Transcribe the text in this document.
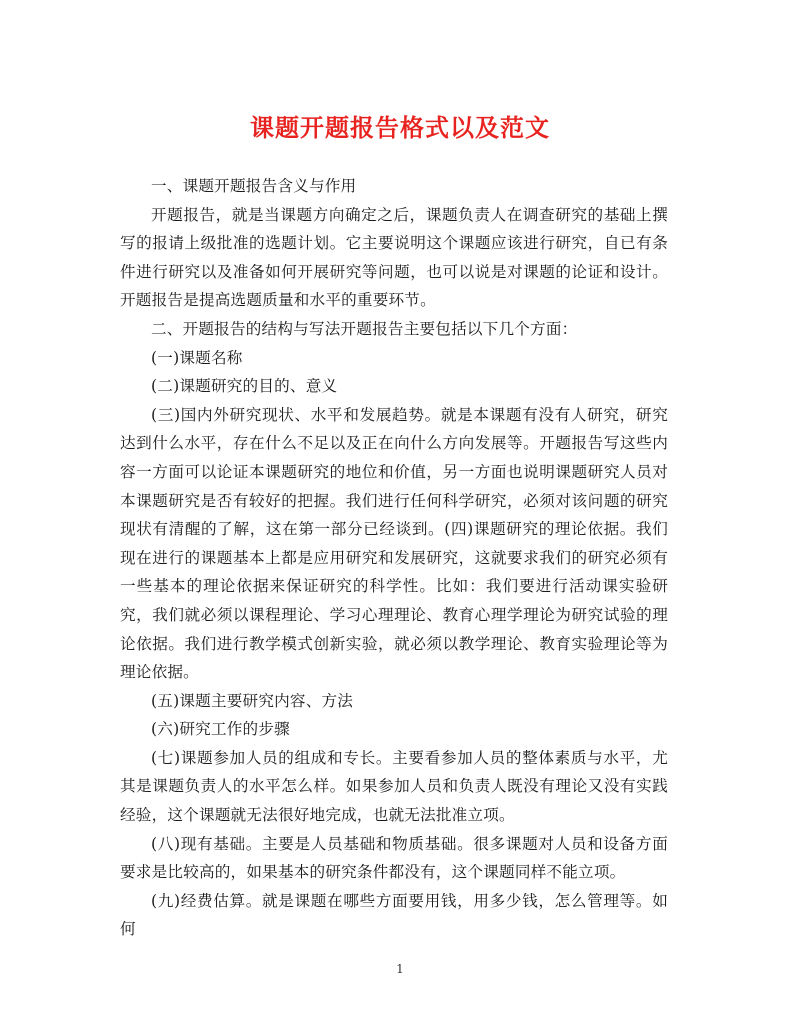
课题开题报告格式以及范文

一、课题开题报告含义与作用

开题报告，就是当课题方向确定之后，课题负责人在调查研究的基础上撰写的报请上级批准的选题计划。它主要说明这个课题应该进行研究，自已有条件进行研究以及准备如何开展研究等问题，也可以说是对课题的论证和设计。开题报告是提高选题质量和水平的重要环节。

二、开题报告的结构与写法开题报告主要包括以下几个方面：

(一)课题名称

(二)课题研究的目的、意义

(三)国内外研究现状、水平和发展趋势。就是本课题有没有人研究，研究达到什么水平，存在什么不足以及正在向什么方向发展等。开题报告写这些内容一方面可以论证本课题研究的地位和价值，另一方面也说明课题研究人员对本课题研究是否有较好的把握。我们进行任何科学研究，必须对该问题的研究现状有清醒的了解，这在第一部分已经谈到。(四)课题研究的理论依据。我们现在进行的课题基本上都是应用研究和发展研究，这就要求我们的研究必须有一些基本的理论依据来保证研究的科学性。比如：我们要进行活动课实验研究，我们就必须以课程理论、学习心理理论、教育心理学理论为研究试验的理论依据。我们进行教学模式创新实验，就必须以教学理论、教育实验理论等为理论依据。

(五)课题主要研究内容、方法

(六)研究工作的步骤

(七)课题参加人员的组成和专长。主要看参加人员的整体素质与水平，尤其是课题负责人的水平怎么样。如果参加人员和负责人既没有理论又没有实践经验，这个课题就无法很好地完成，也就无法批准立项。

(八)现有基础。主要是人员基础和物质基础。很多课题对人员和设备方面要求是比较高的，如果基本的研究条件都没有，这个课题同样不能立项。

(九)经费估算。就是课题在哪些方面要用钱，用多少钱，怎么管理等。如何

1
